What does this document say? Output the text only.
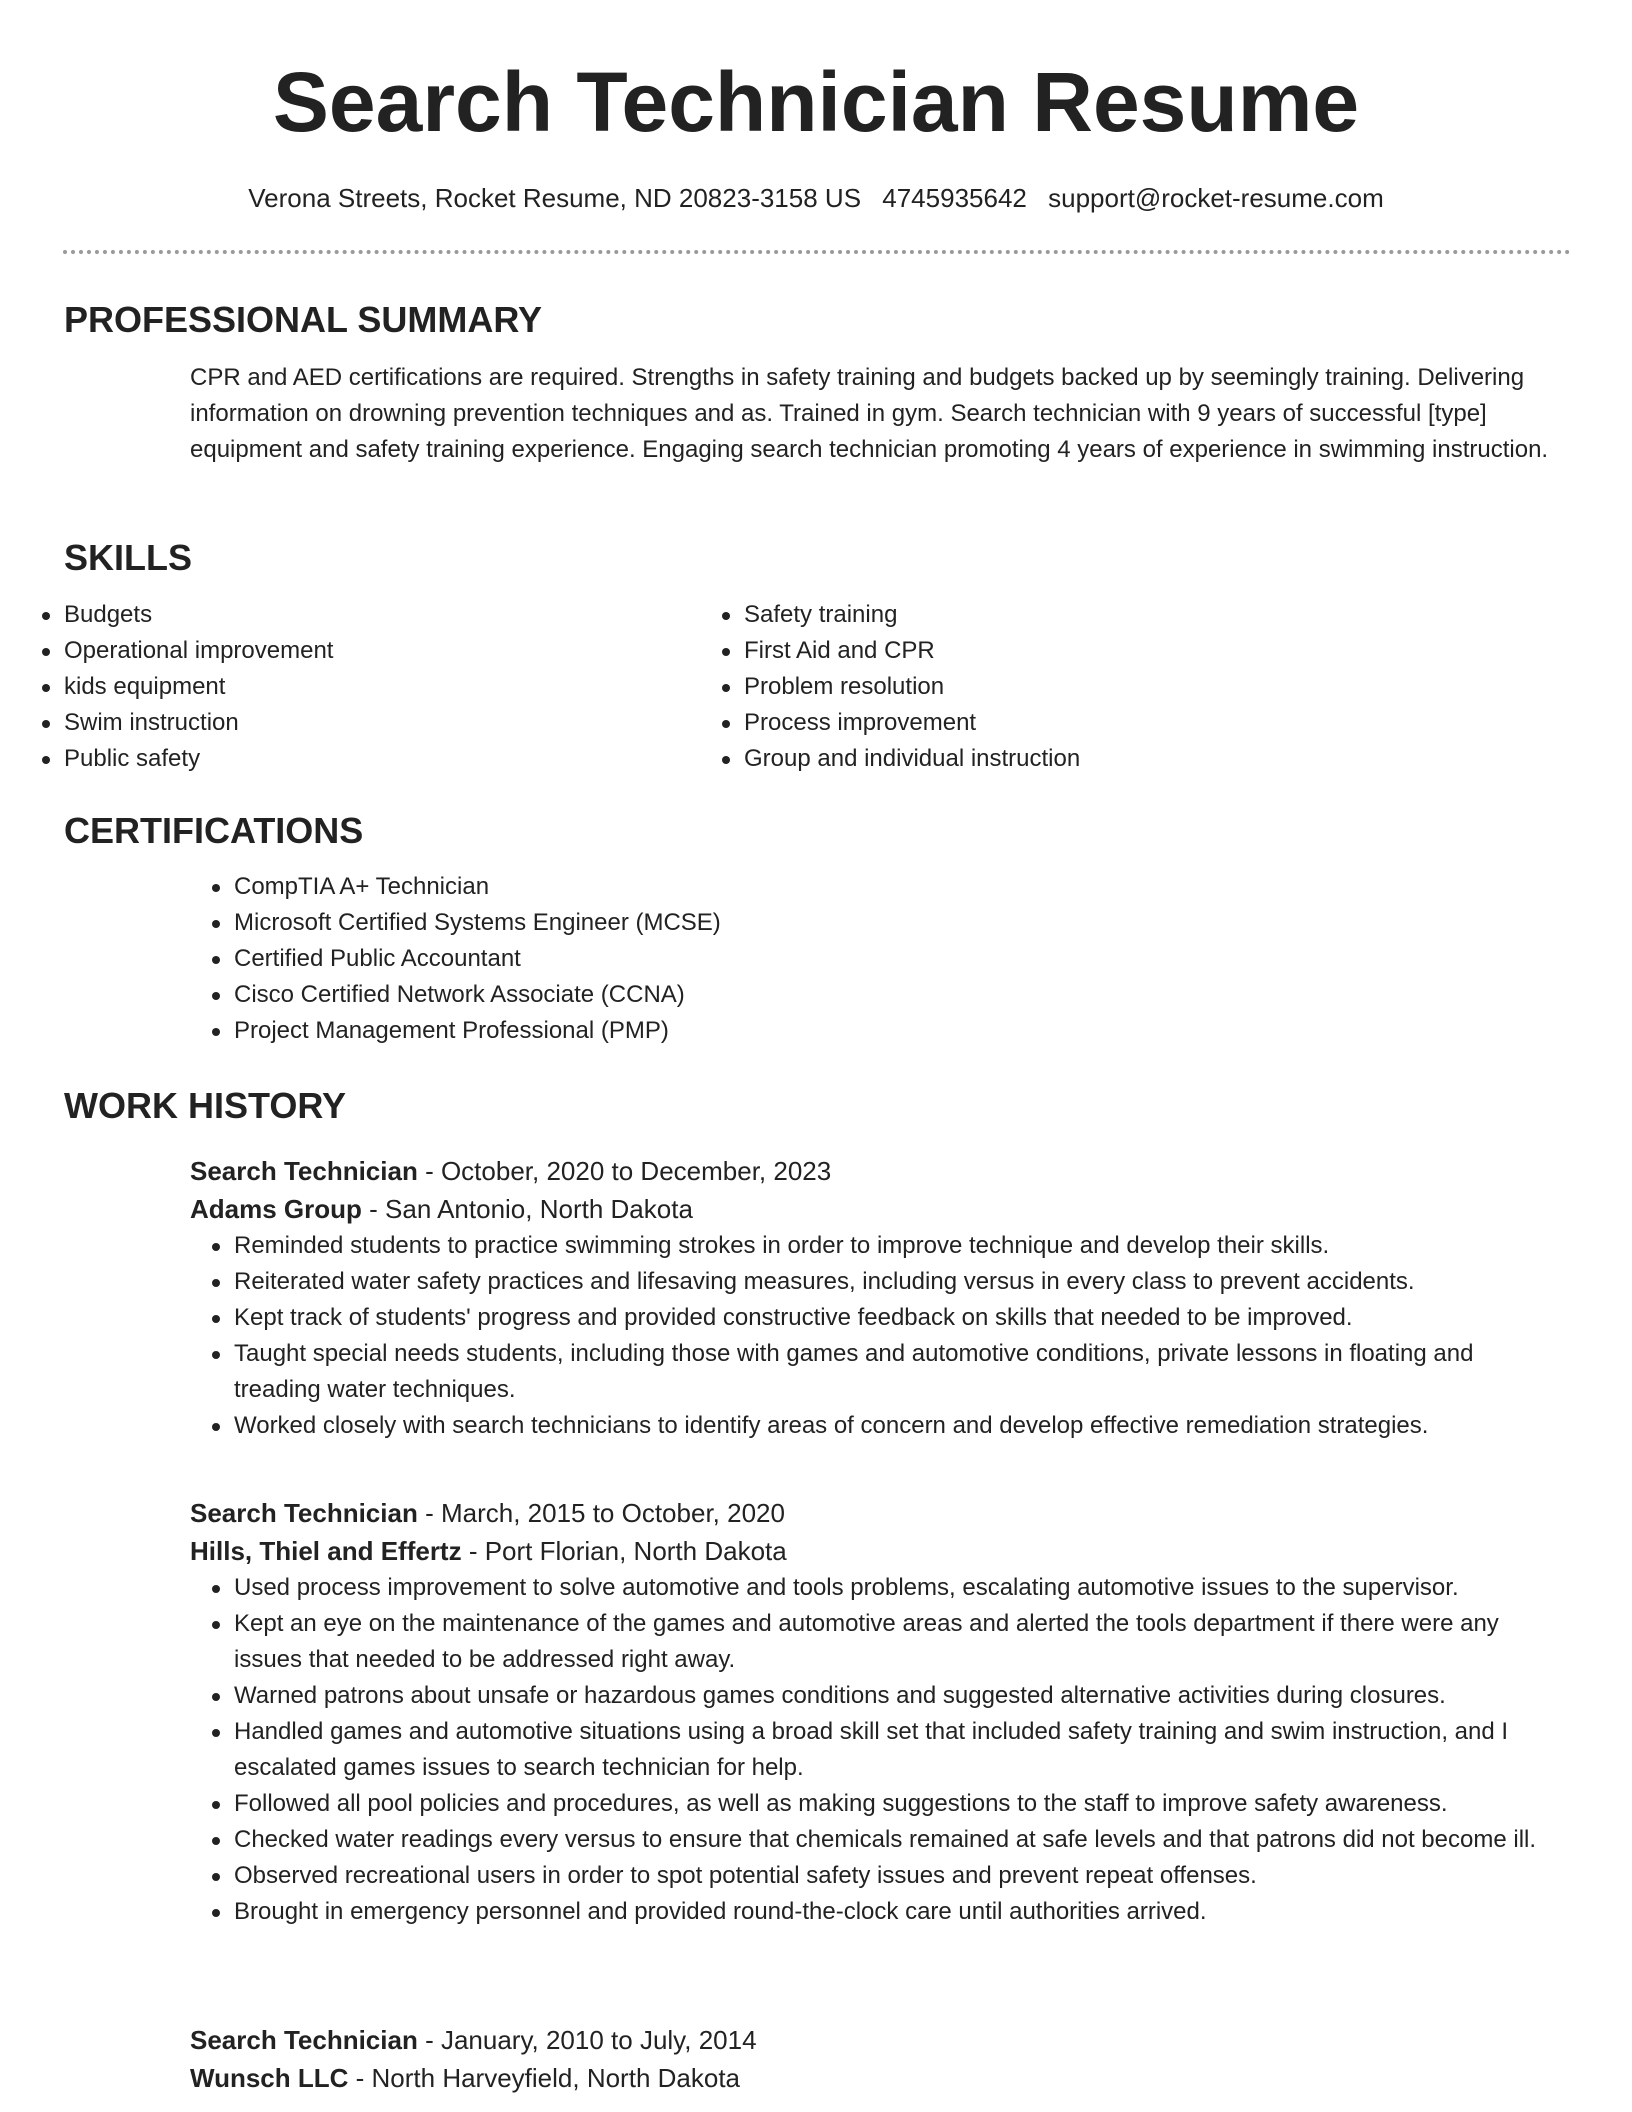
Search Technician Resume
Verona Streets, Rocket Resume, ND 20823-3158 US 4745935642 support@rocket-resume.com
PROFESSIONAL SUMMARY

CPR and AED certifications are required. Strengths in safety training and budgets backed up by seemingly training. Delivering information on drowning prevention techniques and as. Trained in gym. Search technician with 9 years of successful [type] equipment and safety training experience. Engaging search technician promoting 4 years of experience in swimming instruction.

SKILLS
Budgets
Operational improvement
kids equipment
Swim instruction
Public safety
Safety training
First Aid and CPR
Problem resolution
Process improvement
Group and individual instruction
CERTIFICATIONS
CompTIA A+ Technician
Microsoft Certified Systems Engineer (MCSE)
Certified Public Accountant
Cisco Certified Network Associate (CCNA)
Project Management Professional (PMP)
WORK HISTORY
Search Technician - October, 2020 to December, 2023
Adams Group - San Antonio, North Dakota
Reminded students to practice swimming strokes in order to improve technique and develop their skills.
Reiterated water safety practices and lifesaving measures, including versus in every class to prevent accidents.
Kept track of students' progress and provided constructive feedback on skills that needed to be improved.
Taught special needs students, including those with games and automotive conditions, private lessons in floating and treading water techniques.
Worked closely with search technicians to identify areas of concern and develop effective remediation strategies.
Search Technician - March, 2015 to October, 2020
Hills, Thiel and Effertz - Port Florian, North Dakota
Used process improvement to solve automotive and tools problems, escalating automotive issues to the supervisor.
Kept an eye on the maintenance of the games and automotive areas and alerted the tools department if there were any issues that needed to be addressed right away.
Warned patrons about unsafe or hazardous games conditions and suggested alternative activities during closures.
Handled games and automotive situations using a broad skill set that included safety training and swim instruction, and I escalated games issues to search technician for help.
Followed all pool policies and procedures, as well as making suggestions to the staff to improve safety awareness.
Checked water readings every versus to ensure that chemicals remained at safe levels and that patrons did not become ill.
Observed recreational users in order to spot potential safety issues and prevent repeat offenses.
Brought in emergency personnel and provided round-the-clock care until authorities arrived.
Search Technician - January, 2010 to July, 2014
Wunsch LLC - North Harveyfield, North Dakota
